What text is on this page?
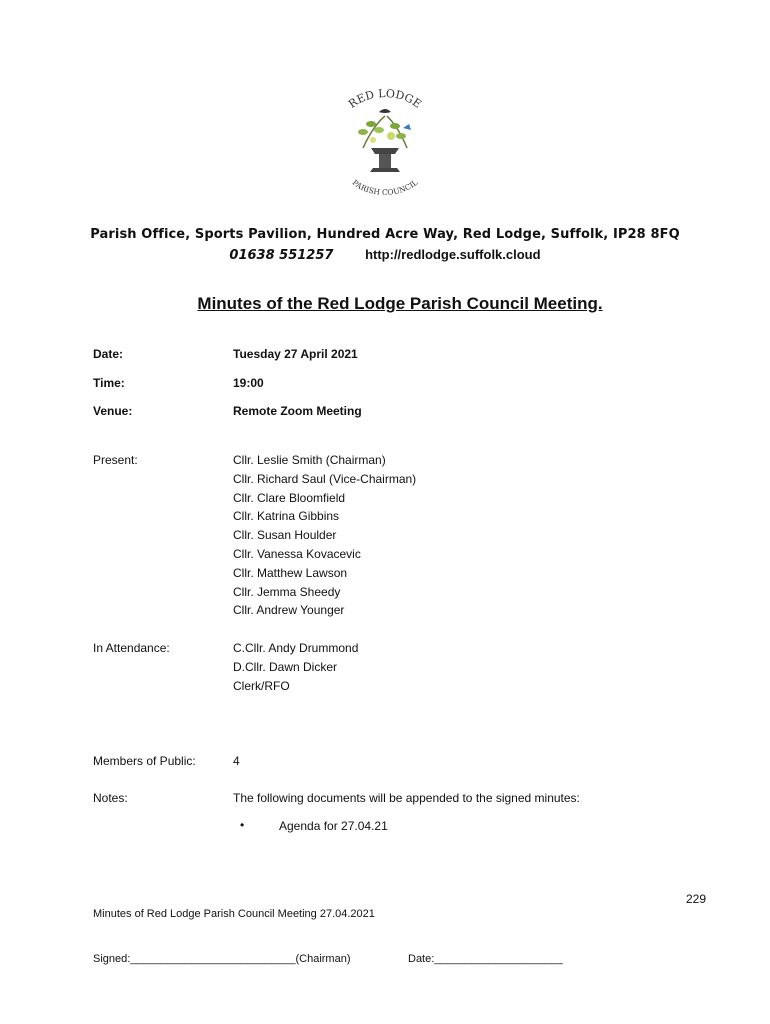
RED LODGE
PARISH COUNCIL
Parish Office, Sports Pavilion, Hundred Acre Way, Red Lodge, Suffolk, IP28 8FQ
01638 551257 http://redlodge.suffolk.cloud
Minutes of the Red Lodge Parish Council Meeting.
Date:	Tuesday 27 April 2021
Time:	19:00
Venue:	Remote Zoom Meeting
Present:	Cllr. Leslie Smith (Chairman)
Cllr. Richard Saul (Vice-Chairman)
Cllr. Clare Bloomfield
Cllr. Katrina Gibbins
Cllr. Susan Houlder
Cllr. Vanessa Kovacevic
Cllr. Matthew Lawson
Cllr. Jemma Sheedy
Cllr. Andrew Younger
In Attendance:	C.Cllr. Andy Drummond
D.Cllr. Dawn Dicker
Clerk/RFO
Members of Public:	4
Notes:	The following documents will be appended to the signed minutes:
•	Agenda for 27.04.21
229
Minutes of Red Lodge Parish Council Meeting 27.04.2021
Signed:___________________________(Chairman)	Date:_____________________
